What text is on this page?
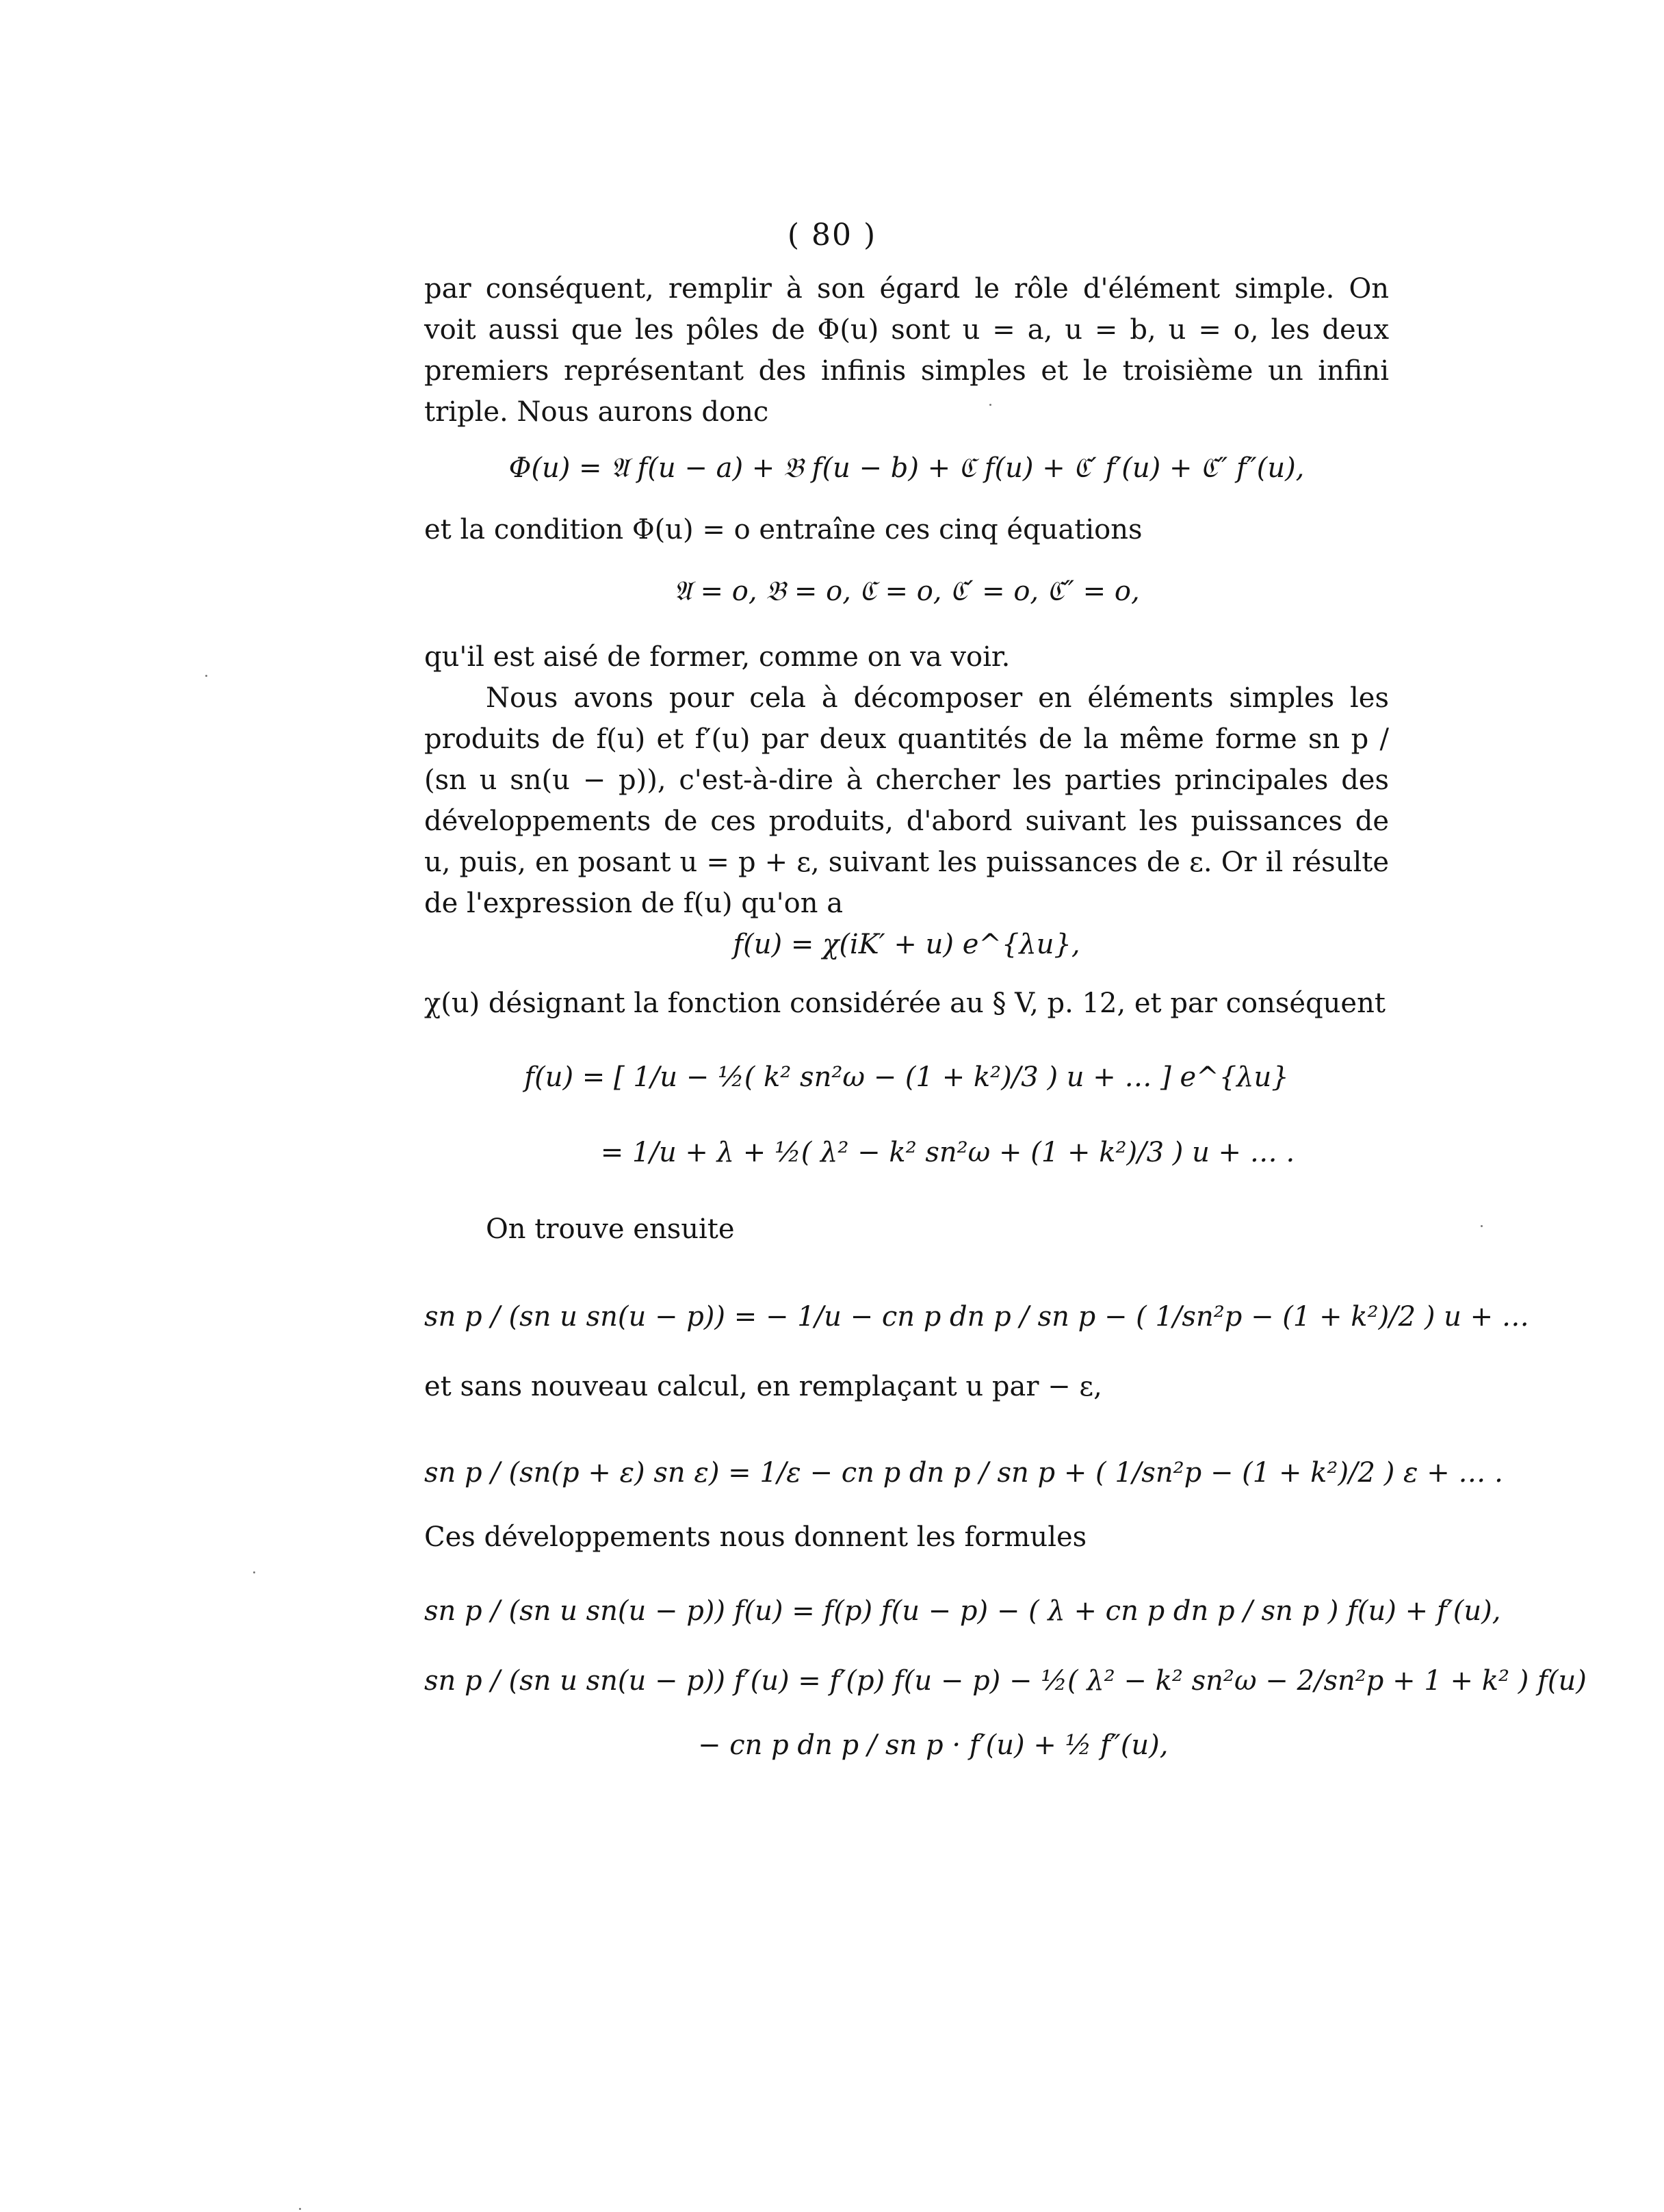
( 80 )
par conséquent, remplir à son égard le rôle d'élément simple. On voit aussi que les pôles de Φ(u) sont u = a, u = b, u = o, les deux premiers représentant des infinis simples et le troisième un infini triple. Nous aurons donc
Φ(u) = 𝔄 f(u − a) + 𝔅 f(u − b) + ℭ f(u) + ℭ′ f′(u) + ℭ″ f″(u),
et la condition Φ(u) = o entraîne ces cinq équations
𝔄 = o, 𝔅 = o, ℭ = o, ℭ′ = o, ℭ″ = o,
qu'il est aisé de former, comme on va voir.
Nous avons pour cela à décomposer en éléments simples les produits de f(u) et f′(u) par deux quantités de la même forme sn p / (sn u sn(u − p)), c'est-à-dire à chercher les parties principales des développements de ces produits, d'abord suivant les puissances de u, puis, en posant u = p + ε, suivant les puissances de ε. Or il résulte de l'expression de f(u) qu'on a
f(u) = χ(iK′ + u) e^{λu},
χ(u) désignant la fonction considérée au § V, p. 12, et par conséquent
f(u) = [ 1/u − ½( k² sn²ω − (1 + k²)/3 ) u + … ] e^{λu}
= 1/u + λ + ½( λ² − k² sn²ω + (1 + k²)/3 ) u + … .
On trouve ensuite
sn p / (sn u sn(u − p)) = − 1/u − cn p dn p / sn p − ( 1/sn²p − (1 + k²)/2 ) u + …
et sans nouveau calcul, en remplaçant u par − ε,
sn p / (sn(p + ε) sn ε) = 1/ε − cn p dn p / sn p + ( 1/sn²p − (1 + k²)/2 ) ε + … .
Ces développements nous donnent les formules
sn p / (sn u sn(u − p)) f(u) = f(p) f(u − p) − ( λ + cn p dn p / sn p ) f(u) + f′(u),
sn p / (sn u sn(u − p)) f′(u) = f′(p) f(u − p) − ½( λ² − k² sn²ω − 2/sn²p + 1 + k² ) f(u)
− cn p dn p / sn p · f′(u) + ½ f″(u),
